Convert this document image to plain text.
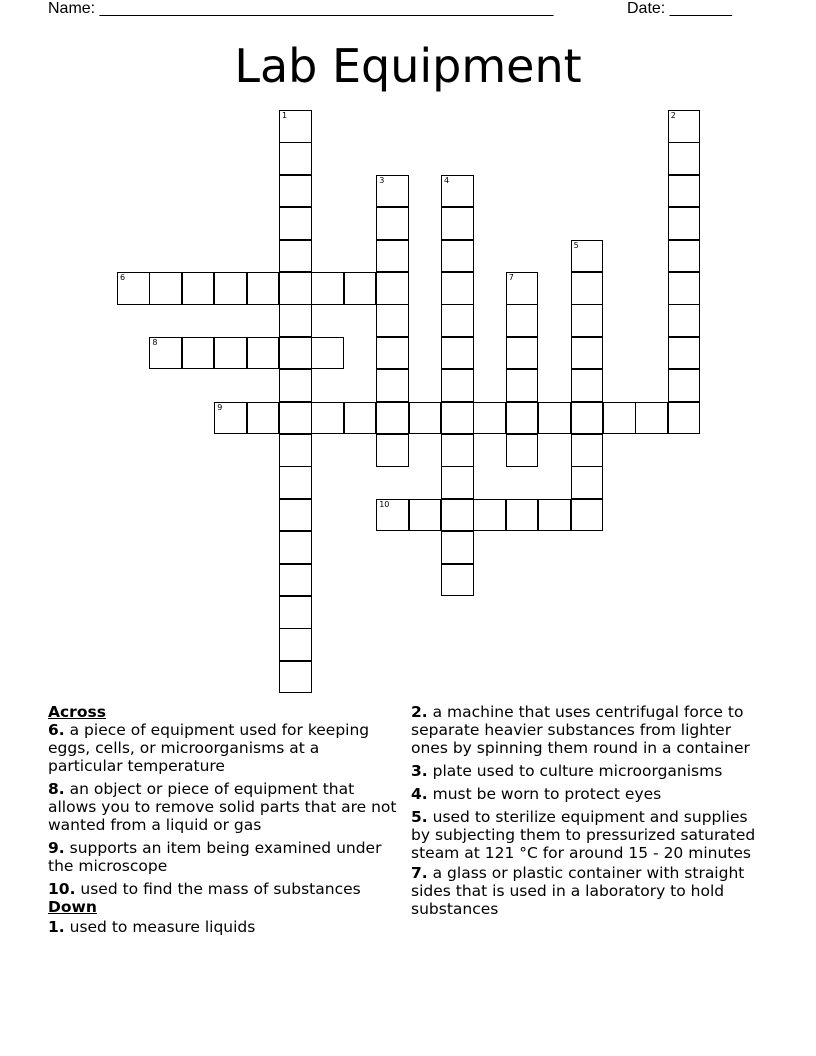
Name: ___________________________________________________	Date: _______
Lab Equipment
1	2
3	4
5
7
6
8
9
10

Across

6. a piece of equipment used for keeping eggs, cells, or microorganisms at a particular temperature

8. an object or piece of equipment that allows you to remove solid parts that are not wanted from a liquid or gas

9. supports an item being examined under the microscope

10. used to find the mass of substances

Down

1. used to measure liquids

2. a machine that uses centrifugal force to separate heavier substances from lighter ones by spinning them round in a container

3. plate used to culture microorganisms

4. must be worn to protect eyes

5. used to sterilize equipment and supplies by subjecting them to pressurized saturated steam at 121 °C for around 15 - 20 minutes

7. a glass or plastic container with straight sides that is used in a laboratory to hold substances
